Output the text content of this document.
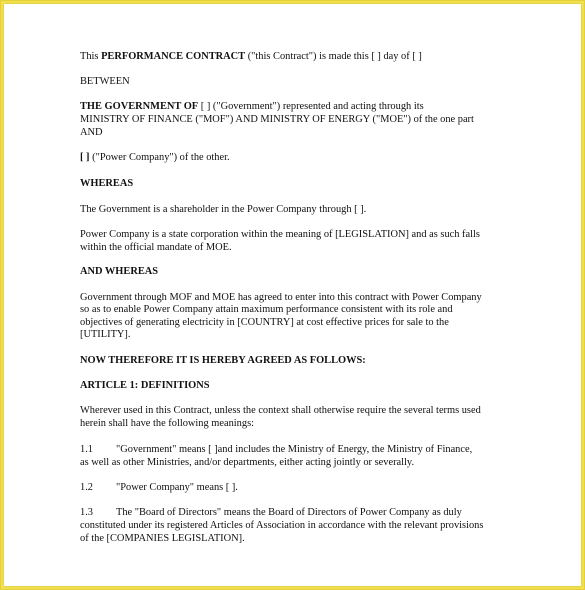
This PERFORMANCE CONTRACT ("this Contract") is made this [ ] day of [ ]
BETWEEN
THE GOVERNMENT OF [ ] ("Government") represented and acting through its
MINISTRY OF FINANCE ("MOF") AND MINISTRY OF ENERGY ("MOE") of the one part
AND
[ ] ("Power Company") of the other.
WHEREAS
The Government is a shareholder in the Power Company through [ ].
Power Company is a state corporation within the meaning of [LEGISLATION] and as such falls
within the official mandate of MOE.
AND WHEREAS
Government through MOF and MOE has agreed to enter into this contract with Power Company
so as to enable Power Company attain maximum performance consistent with its role and
objectives of generating electricity in [COUNTRY] at cost effective prices for sale to the
[UTILITY].
NOW THEREFORE IT IS HEREBY AGREED AS FOLLOWS:
ARTICLE 1: DEFINITIONS
Wherever used in this Contract, unless the context shall otherwise require the several terms used
herein shall have the following meanings:
1.1 "Government" means [ ]and includes the Ministry of Energy, the Ministry of Finance,
as well as other Ministries, and/or departments, either acting jointly or severally.
1.2 "Power Company" means [ ].
1.3 The "Board of Directors" means the Board of Directors of Power Company as duly
constituted under its registered Articles of Association in accordance with the relevant provisions
of the [COMPANIES LEGISLATION].
